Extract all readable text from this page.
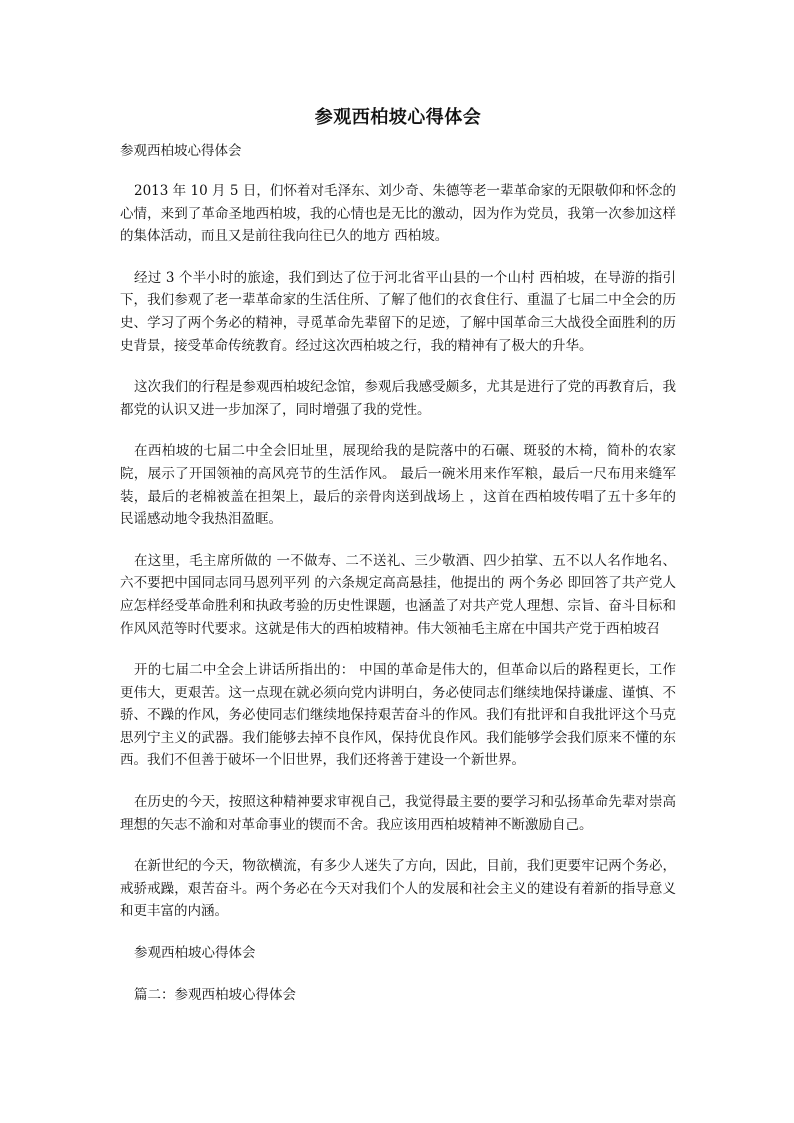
参观西柏坡心得体会
参观西柏坡心得体会

2013 年 10 月 5 日，们怀着对毛泽东、刘少奇、朱德等老一辈革命家的无限敬仰和怀念的心情，来到了革命圣地西柏坡，我的心情也是无比的激动，因为作为党员，我第一次参加这样的集体活动，而且又是前往我向往已久的地方 西柏坡。

经过 3 个半小时的旅途，我们到达了位于河北省平山县的一个山村 西柏坡，在导游的指引下，我们参观了老一辈革命家的生活住所、了解了他们的衣食住行、重温了七届二中全会的历史、学习了两个务必的精神，寻觅革命先辈留下的足迹，了解中国革命三大战役全面胜利的历史背景，接受革命传统教育。经过这次西柏坡之行，我的精神有了极大的升华。

这次我们的行程是参观西柏坡纪念馆，参观后我感受颇多，尤其是进行了党的再教育后，我都党的认识又进一步加深了，同时增强了我的党性。

在西柏坡的七届二中全会旧址里，展现给我的是院落中的石碾、斑驳的木椅，简朴的农家院，展示了开国领袖的高风亮节的生活作风。 最后一碗米用来作军粮，最后一尺布用来缝军装，最后的老棉被盖在担架上，最后的亲骨肉送到战场上 ，这首在西柏坡传唱了五十多年的民谣感动地令我热泪盈眶。

在这里，毛主席所做的 一不做寿、二不送礼、三少敬酒、四少拍掌、五不以人名作地名、六不要把中国同志同马恩列平列 的六条规定高高悬挂，他提出的 两个务必 即回答了共产党人应怎样经受革命胜利和执政考验的历史性课题，也涵盖了对共产党人理想、宗旨、奋斗目标和作风风范等时代要求。这就是伟大的西柏坡精神。伟大领袖毛主席在中国共产党于西柏坡召

开的七届二中全会上讲话所指出的： 中国的革命是伟大的，但革命以后的路程更长，工作更伟大，更艰苦。这一点现在就必须向党内讲明白，务必使同志们继续地保持谦虚、谨慎、不骄、不躁的作风，务必使同志们继续地保持艰苦奋斗的作风。我们有批评和自我批评这个马克思列宁主义的武器。我们能够去掉不良作风，保持优良作风。我们能够学会我们原来不懂的东西。我们不但善于破坏一个旧世界，我们还将善于建设一个新世界。

在历史的今天，按照这种精神要求审视自己，我觉得最主要的要学习和弘扬革命先辈对崇高理想的矢志不渝和对革命事业的锲而不舍。我应该用西柏坡精神不断激励自己。

在新世纪的今天，物欲横流，有多少人迷失了方向，因此，目前，我们更要牢记两个务必，戒骄戒躁，艰苦奋斗。两个务必在今天对我们个人的发展和社会主义的建设有着新的指导意义和更丰富的内涵。

参观西柏坡心得体会

篇二：参观西柏坡心得体会
